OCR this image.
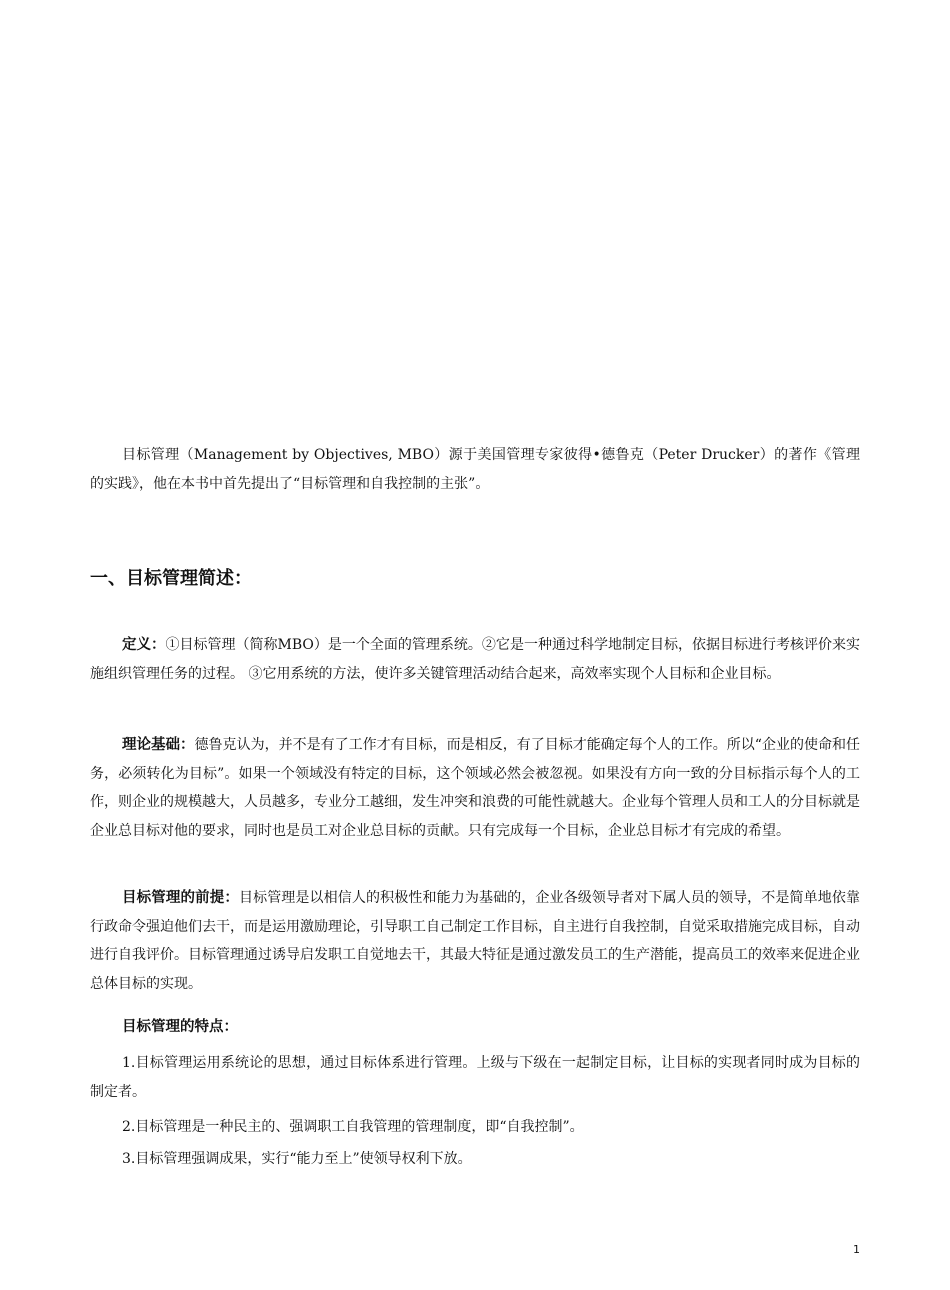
目标管理（Management by Objectives, MBO）源于美国管理专家彼得•德鲁克（Peter Drucker）的著作《管理的实践》，他在本书中首先提出了“目标管理和自我控制的主张”。

一、目标管理简述：

定义：①目标管理（简称MBO）是一个全面的管理系统。②它是一种通过科学地制定目标，依据目标进行考核评价来实施组织管理任务的过程。 ③它用系统的方法，使许多关键管理活动结合起来，高效率实现个人目标和企业目标。

理论基础：德鲁克认为，并不是有了工作才有目标，而是相反，有了目标才能确定每个人的工作。所以“企业的使命和任务，必须转化为目标”。如果一个领域没有特定的目标，这个领域必然会被忽视。如果没有方向一致的分目标指示每个人的工作，则企业的规模越大，人员越多，专业分工越细，发生冲突和浪费的可能性就越大。企业每个管理人员和工人的分目标就是企业总目标对他的要求，同时也是员工对企业总目标的贡献。只有完成每一个目标，企业总目标才有完成的希望。

目标管理的前提：目标管理是以相信人的积极性和能力为基础的，企业各级领导者对下属人员的领导，不是简单地依靠行政命令强迫他们去干，而是运用激励理论，引导职工自己制定工作目标，自主进行自我控制，自觉采取措施完成目标，自动进行自我评价。目标管理通过诱导启发职工自觉地去干，其最大特征是通过激发员工的生产潜能，提高员工的效率来促进企业总体目标的实现。

目标管理的特点：

1.目标管理运用系统论的思想，通过目标体系进行管理。上级与下级在一起制定目标，让目标的实现者同时成为目标的制定者。

2.目标管理是一种民主的、强调职工自我管理的管理制度，即“自我控制”。

3.目标管理强调成果，实行“能力至上”使领导权利下放。

1
